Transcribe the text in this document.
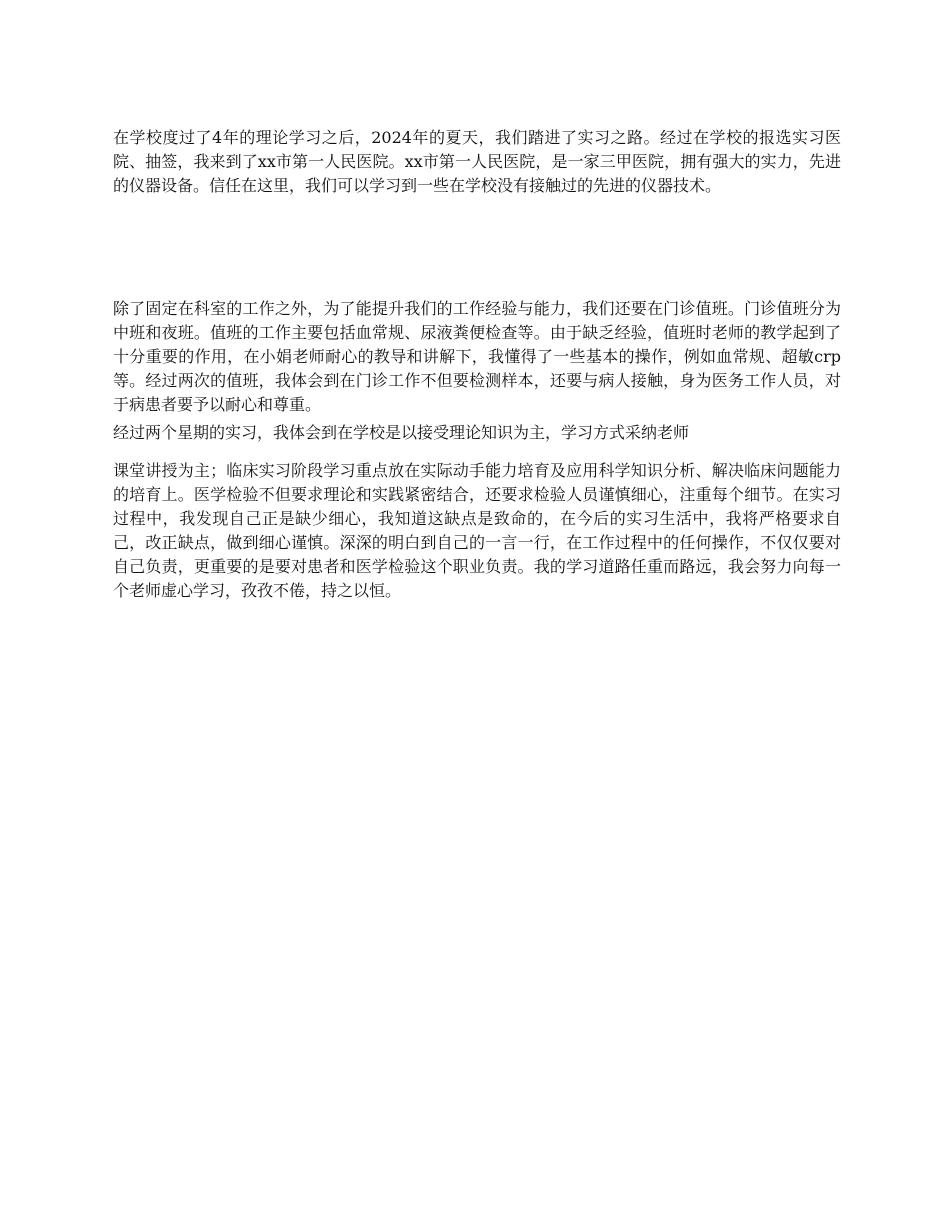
在学校度过了4年的理论学习之后，2024年的夏天，我们踏进了实习之路。经过在学校的报选实习医院、抽签，我来到了xx市第一人民医院。xx市第一人民医院，是一家三甲医院，拥有强大的实力，先进的仪器设备。信任在这里，我们可以学习到一些在学校没有接触过的先进的仪器技术。

除了固定在科室的工作之外，为了能提升我们的工作经验与能力，我们还要在门诊值班。门诊值班分为中班和夜班。值班的工作主要包括血常规、尿液粪便检查等。由于缺乏经验，值班时老师的教学起到了十分重要的作用，在小娟老师耐心的教导和讲解下，我懂得了一些基本的操作，例如血常规、超敏crp等。经过两次的值班，我体会到在门诊工作不但要检测样本，还要与病人接触，身为医务工作人员，对于病患者要予以耐心和尊重。

经过两个星期的实习，我体会到在学校是以接受理论知识为主，学习方式采纳老师

课堂讲授为主；临床实习阶段学习重点放在实际动手能力培育及应用科学知识分析、解决临床问题能力的培育上。医学检验不但要求理论和实践紧密结合，还要求检验人员谨慎细心，注重每个细节。在实习过程中，我发现自己正是缺少细心，我知道这缺点是致命的，在今后的实习生活中，我将严格要求自己，改正缺点，做到细心谨慎。深深的明白到自己的一言一行，在工作过程中的任何操作，不仅仅要对自己负责，更重要的是要对患者和医学检验这个职业负责。我的学习道路任重而路远，我会努力向每一个老师虚心学习，孜孜不倦，持之以恒。
